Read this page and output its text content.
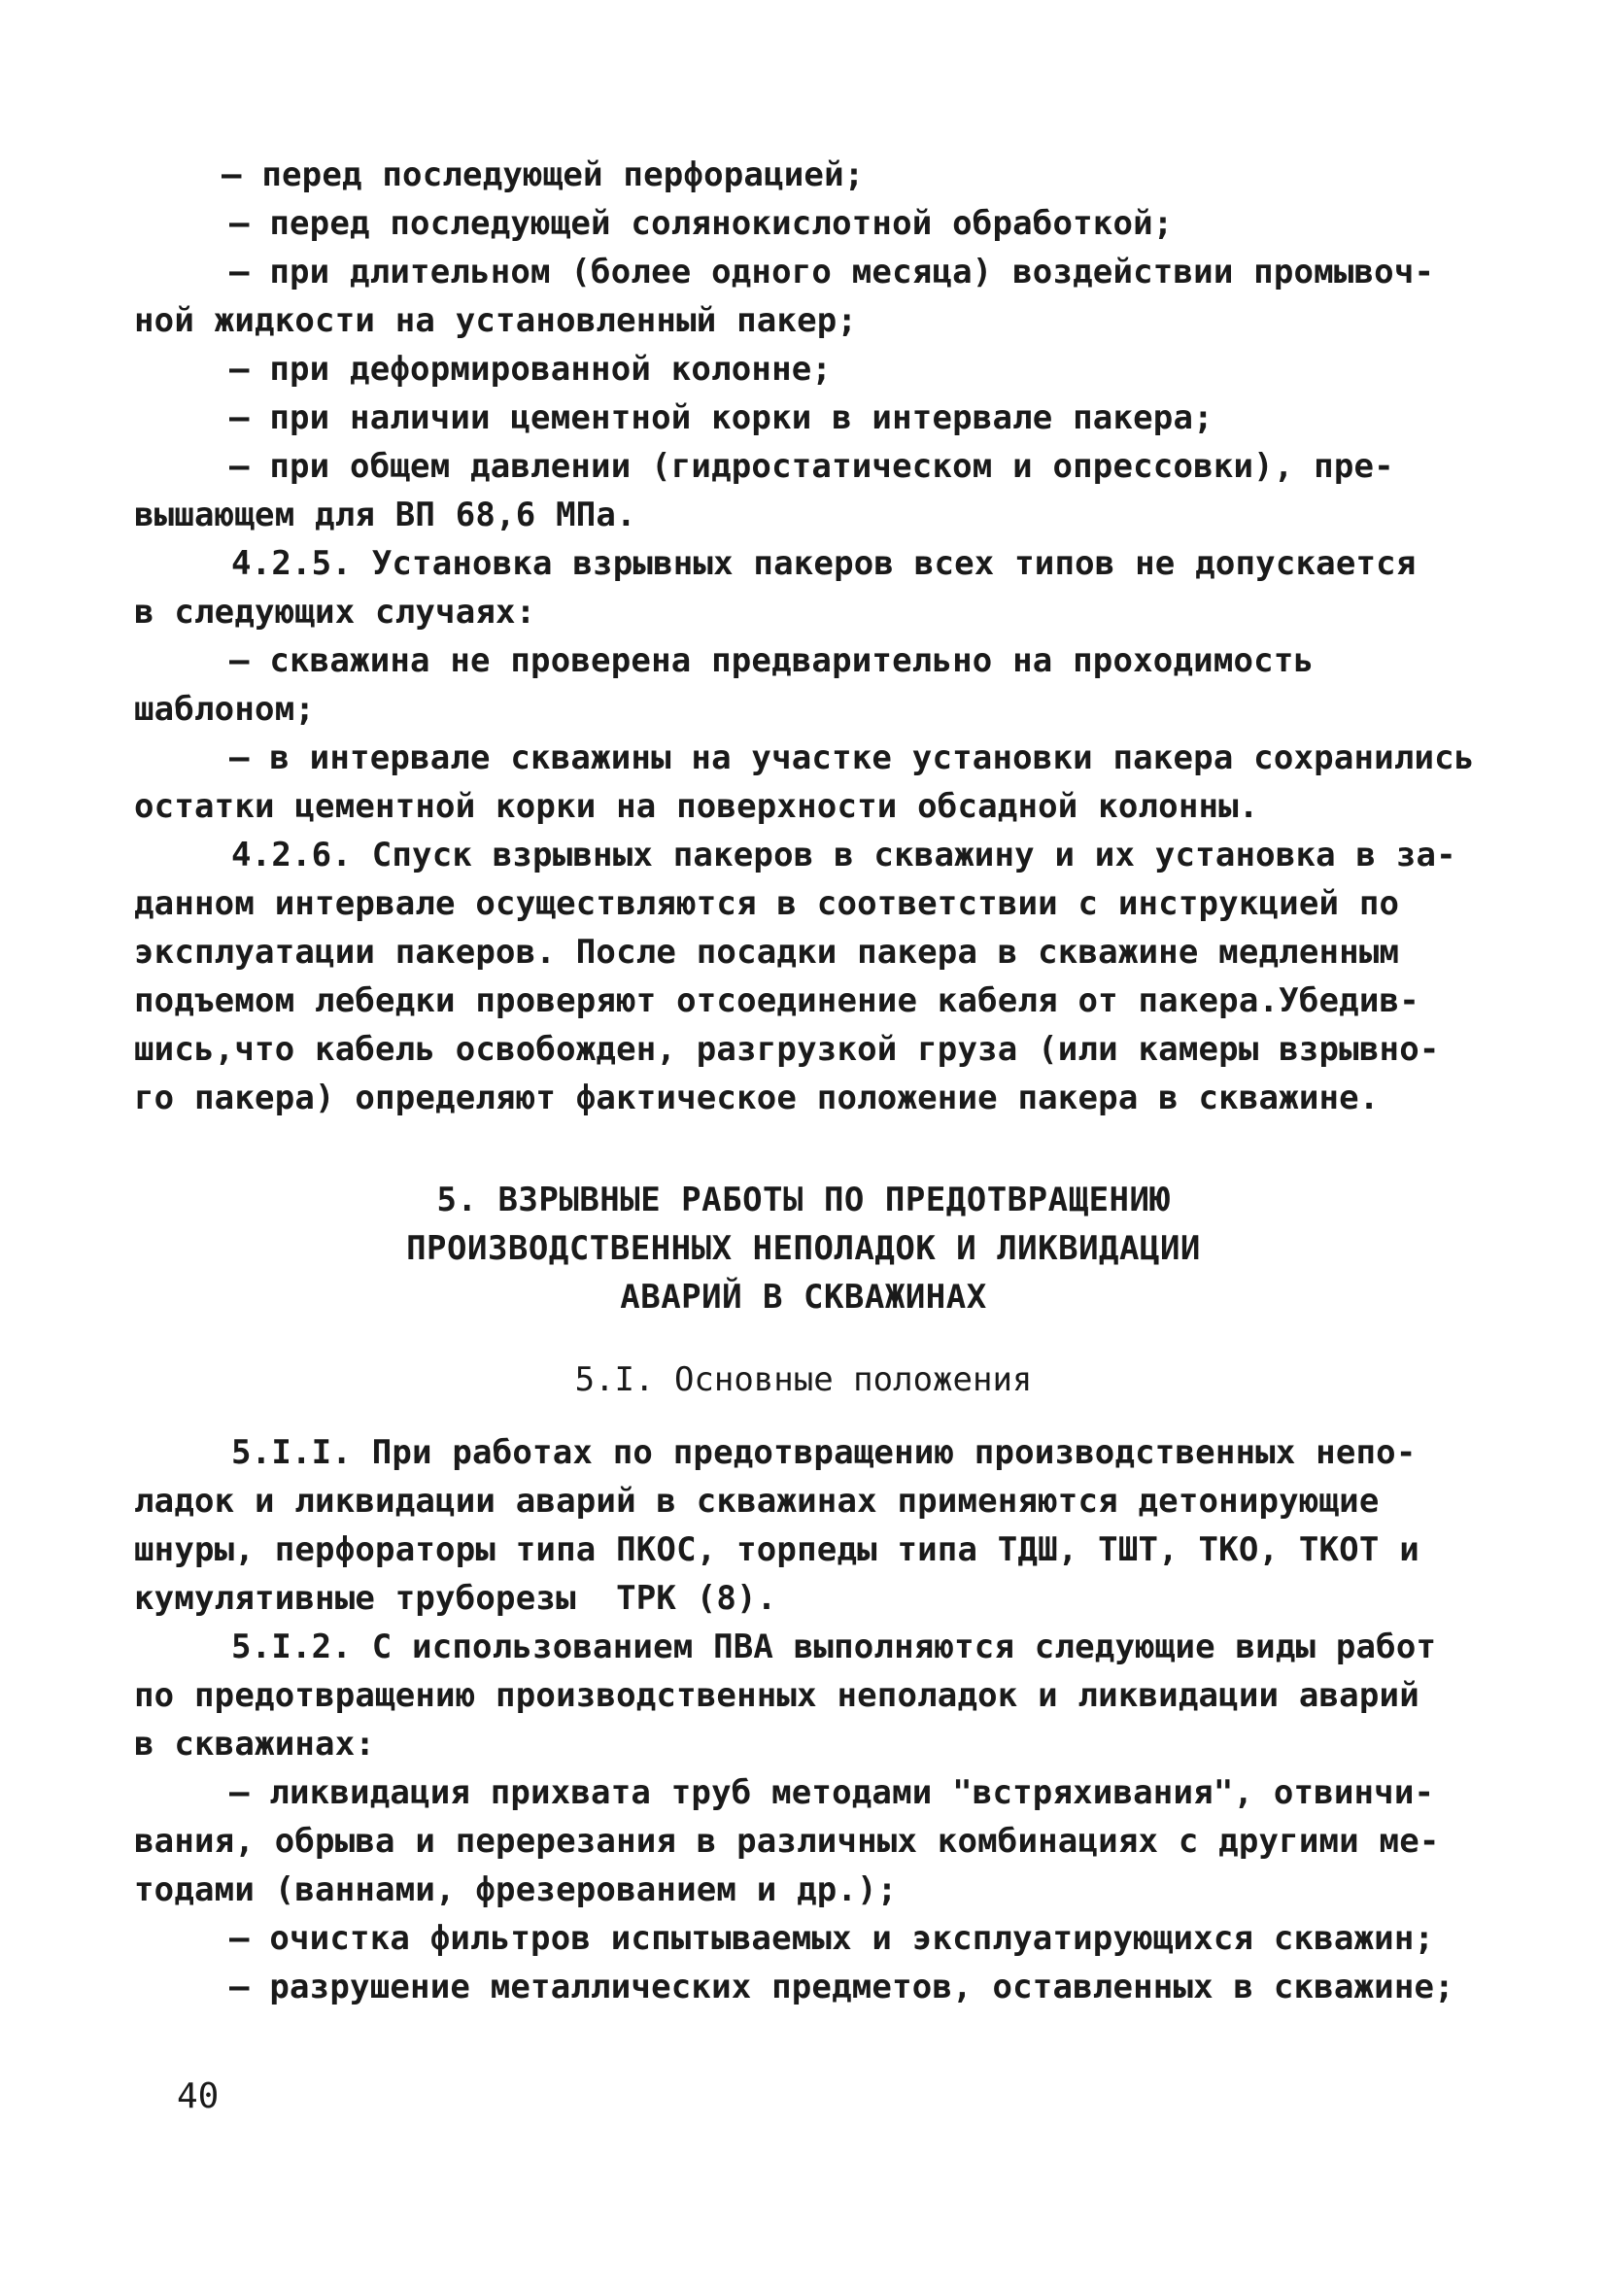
– перед последующей перфорацией;
– перед последующей солянокислотной обработкой;
– при длительном (более одного месяца) воздействии промывоч-
ной жидкости на установленный пакер;
– при деформированной колонне;
– при наличии цементной корки в интервале пакера;
– при общем давлении (гидростатическом и опрессовки), пре-
вышающем для ВП 68,6 МПа.
4.2.5. Установка взрывных пакеров всех типов не допускается
в следующих случаях:
– скважина не проверена предварительно на проходимость
шаблоном;
– в интервале скважины на участке установки пакера сохранились
остатки цементной корки на поверхности обсадной колонны.
4.2.6. Спуск взрывных пакеров в скважину и их установка в за-
данном интервале осуществляются в соответствии с инструкцией по
эксплуатации пакеров. После посадки пакера в скважине медленным
подъемом лебедки проверяют отсоединение кабеля от пакера.Убедив-
шись,что кабель освобожден, разгрузкой груза (или камеры взрывно-
го пакера) определяют фактическое положение пакера в скважине.
5. ВЗРЫВНЫЕ РАБОТЫ ПО ПРЕДОТВРАЩЕНИЮ
ПРОИЗВОДСТВЕННЫХ НЕПОЛАДОК И ЛИКВИДАЦИИ
АВАРИЙ В СКВАЖИНАХ
5.I. Основные положения
5.I.I. При работах по предотвращению производственных непо-
ладок и ликвидации аварий в скважинах применяются детонирующие
шнуры, перфораторы типа ПКОС, торпеды типа ТДШ, ТШТ, ТКО, ТКОТ и
кумулятивные труборезы  ТРК (8).
5.I.2. С использованием ПВА выполняются следующие виды работ
по предотвращению производственных неполадок и ликвидации аварий
в скважинах:
– ликвидация прихвата труб методами "встряхивания", отвинчи-
вания, обрыва и перерезания в различных комбинациях с другими ме-
тодами (ваннами, фрезерованием и др.);
– очистка фильтров испытываемых и эксплуатирующихся скважин;
– разрушение металлических предметов, оставленных в скважине;
40
